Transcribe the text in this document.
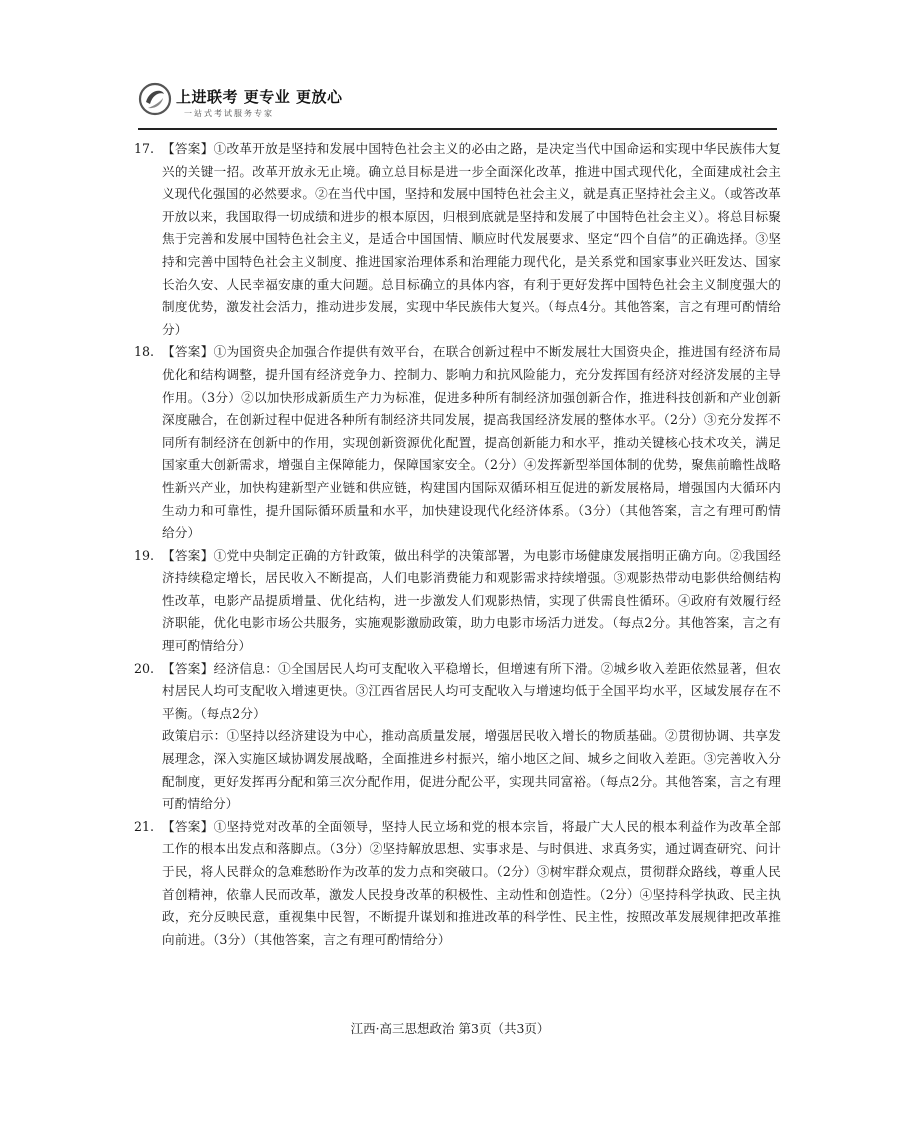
上进联考 更专业 更放心
一站式考试服务专家
17. 【答案】①改革开放是坚持和发展中国特色社会主义的必由之路，是决定当代中国命运和实现中华民族伟大复兴的关键一招。改革开放永无止境。确立总目标是进一步全面深化改革，推进中国式现代化，全面建成社会主义现代化强国的必然要求。②在当代中国，坚持和发展中国特色社会主义，就是真正坚持社会主义。（或答改革开放以来，我国取得一切成绩和进步的根本原因，归根到底就是坚持和发展了中国特色社会主义）。将总目标聚焦于完善和发展中国特色社会主义，是适合中国国情、顺应时代发展要求、坚定“四个自信”的正确选择。③坚持和完善中国特色社会主义制度、推进国家治理体系和治理能力现代化，是关系党和国家事业兴旺发达、国家长治久安、人民幸福安康的重大问题。总目标确立的具体内容，有利于更好发挥中国特色社会主义制度强大的制度优势，激发社会活力，推动进步发展，实现中华民族伟大复兴。（每点4分。其他答案，言之有理可酌情给分）

18. 【答案】①为国资央企加强合作提供有效平台，在联合创新过程中不断发展壮大国资央企，推进国有经济布局优化和结构调整，提升国有经济竞争力、控制力、影响力和抗风险能力，充分发挥国有经济对经济发展的主导作用。（3分）②以加快形成新质生产力为标准，促进多种所有制经济加强创新合作，推进科技创新和产业创新深度融合，在创新过程中促进各种所有制经济共同发展，提高我国经济发展的整体水平。（2分）③充分发挥不同所有制经济在创新中的作用，实现创新资源优化配置，提高创新能力和水平，推动关键核心技术攻关，满足国家重大创新需求，增强自主保障能力，保障国家安全。（2分）④发挥新型举国体制的优势，聚焦前瞻性战略性新兴产业，加快构建新型产业链和供应链，构建国内国际双循环相互促进的新发展格局，增强国内大循环内生动力和可靠性，提升国际循环质量和水平，加快建设现代化经济体系。（3分）（其他答案，言之有理可酌情给分）

19. 【答案】①党中央制定正确的方针政策，做出科学的决策部署，为电影市场健康发展指明正确方向。②我国经济持续稳定增长，居民收入不断提高，人们电影消费能力和观影需求持续增强。③观影热带动电影供给侧结构性改革，电影产品提质增量、优化结构，进一步激发人们观影热情，实现了供需良性循环。④政府有效履行经济职能，优化电影市场公共服务，实施观影激励政策，助力电影市场活力迸发。（每点2分。其他答案，言之有理可酌情给分）

20. 【答案】经济信息：①全国居民人均可支配收入平稳增长，但增速有所下滑。②城乡收入差距依然显著，但农村居民人均可支配收入增速更快。③江西省居民人均可支配收入与增速均低于全国平均水平，区域发展存在不平衡。（每点2分）

政策启示：①坚持以经济建设为中心，推动高质量发展，增强居民收入增长的物质基础。②贯彻协调、共享发展理念，深入实施区域协调发展战略，全面推进乡村振兴，缩小地区之间、城乡之间收入差距。③完善收入分配制度，更好发挥再分配和第三次分配作用，促进分配公平，实现共同富裕。（每点2分。其他答案，言之有理可酌情给分）

21. 【答案】①坚持党对改革的全面领导，坚持人民立场和党的根本宗旨，将最广大人民的根本利益作为改革全部工作的根本出发点和落脚点。（3分）②坚持解放思想、实事求是、与时俱进、求真务实，通过调查研究、问计于民，将人民群众的急难愁盼作为改革的发力点和突破口。（2分）③树牢群众观点，贯彻群众路线，尊重人民首创精神，依靠人民而改革，激发人民投身改革的积极性、主动性和创造性。（2分）④坚持科学执政、民主执政，充分反映民意，重视集中民智，不断提升谋划和推进改革的科学性、民主性，按照改革发展规律把改革推向前进。（3分）（其他答案，言之有理可酌情给分）

江西·高三思想政治 第3页（共3页）
